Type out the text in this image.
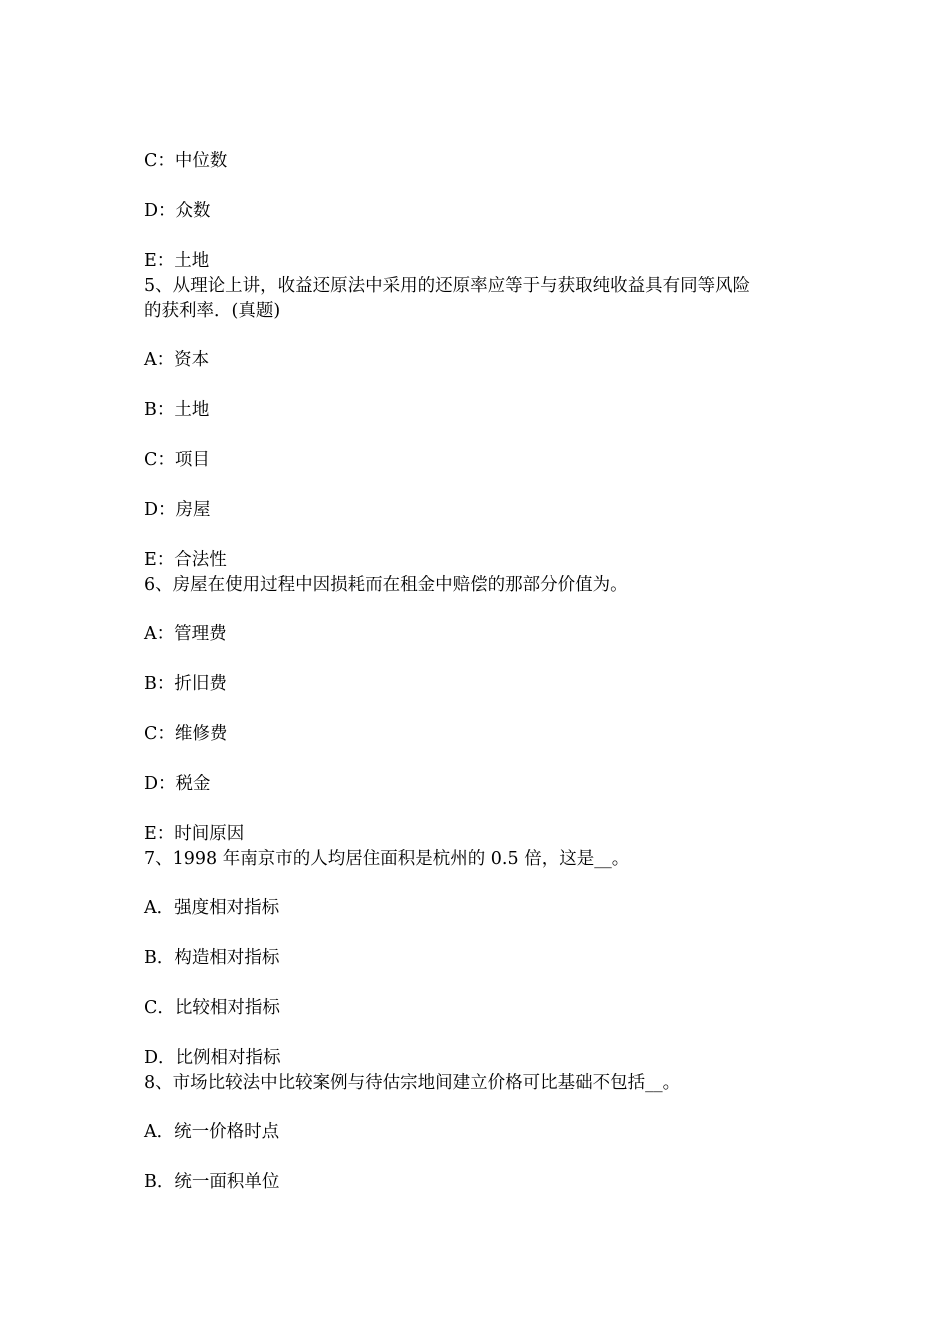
C：中位数
D：众数
E：土地
5、从理论上讲，收益还原法中采用的还原率应等于与获取纯收益具有同等风险
的获利率．(真题)
A：资本
B：土地
C：项目
D：房屋
E：合法性
6、房屋在使用过程中因损耗而在租金中赔偿的那部分价值为。
A：管理费
B：折旧费
C：维修费
D：税金
E：时间原因
7、1998 年南京市的人均居住面积是杭州的 0.5 倍，这是__。
A．强度相对指标
B．构造相对指标
C．比较相对指标
D．比例相对指标
8、市场比较法中比较案例与待估宗地间建立价格可比基础不包括__。
A．统一价格时点
B．统一面积单位
